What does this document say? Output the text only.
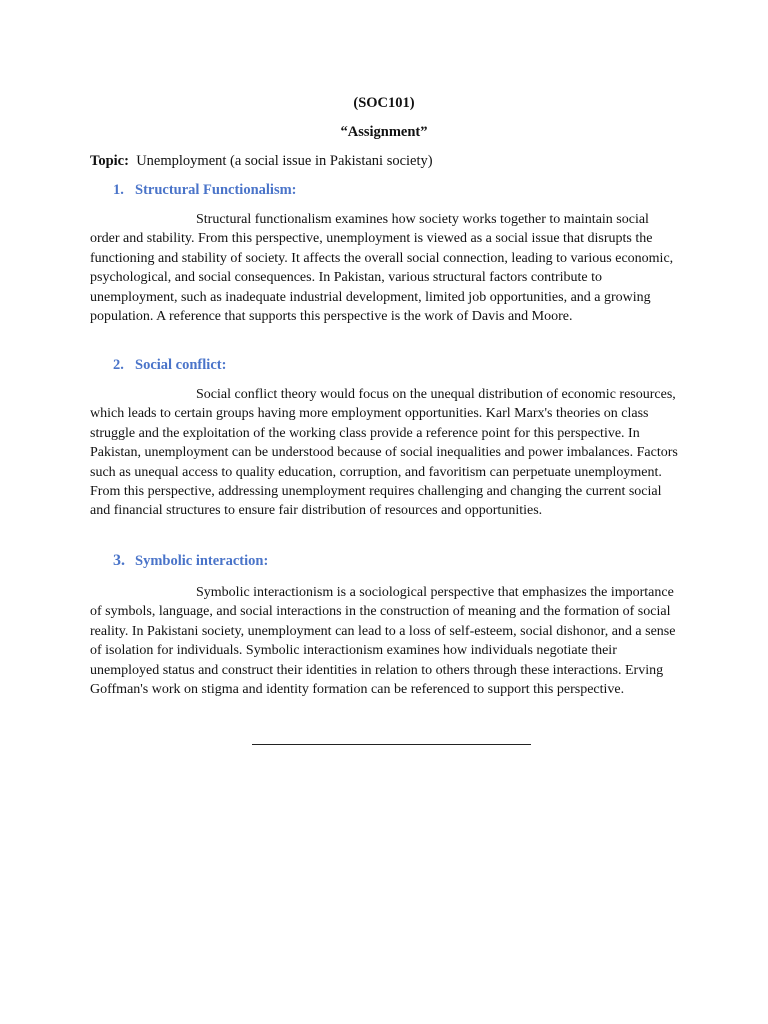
(SOC101)
“Assignment”
Topic: Unemployment (a social issue in Pakistani society)
1. Structural Functionalism:
Structural functionalism examines how society works together to maintain social order and stability. From this perspective, unemployment is viewed as a social issue that disrupts the functioning and stability of society. It affects the overall social connection, leading to various economic, psychological, and social consequences. In Pakistan, various structural factors contribute to unemployment, such as inadequate industrial development, limited job opportunities, and a growing population. A reference that supports this perspective is the work of Davis and Moore.
2. Social conflict:
Social conflict theory would focus on the unequal distribution of economic resources, which leads to certain groups having more employment opportunities. Karl Marx's theories on class struggle and the exploitation of the working class provide a reference point for this perspective. In Pakistan, unemployment can be understood because of social inequalities and power imbalances. Factors such as unequal access to quality education, corruption, and favoritism can perpetuate unemployment. From this perspective, addressing unemployment requires challenging and changing the current social and financial structures to ensure fair distribution of resources and opportunities.
3. Symbolic interaction:
Symbolic interactionism is a sociological perspective that emphasizes the importance of symbols, language, and social interactions in the construction of meaning and the formation of social reality. In Pakistani society, unemployment can lead to a loss of self-esteem, social dishonor, and a sense of isolation for individuals. Symbolic interactionism examines how individuals negotiate their unemployed status and construct their identities in relation to others through these interactions. Erving Goffman's work on stigma and identity formation can be referenced to support this perspective.
